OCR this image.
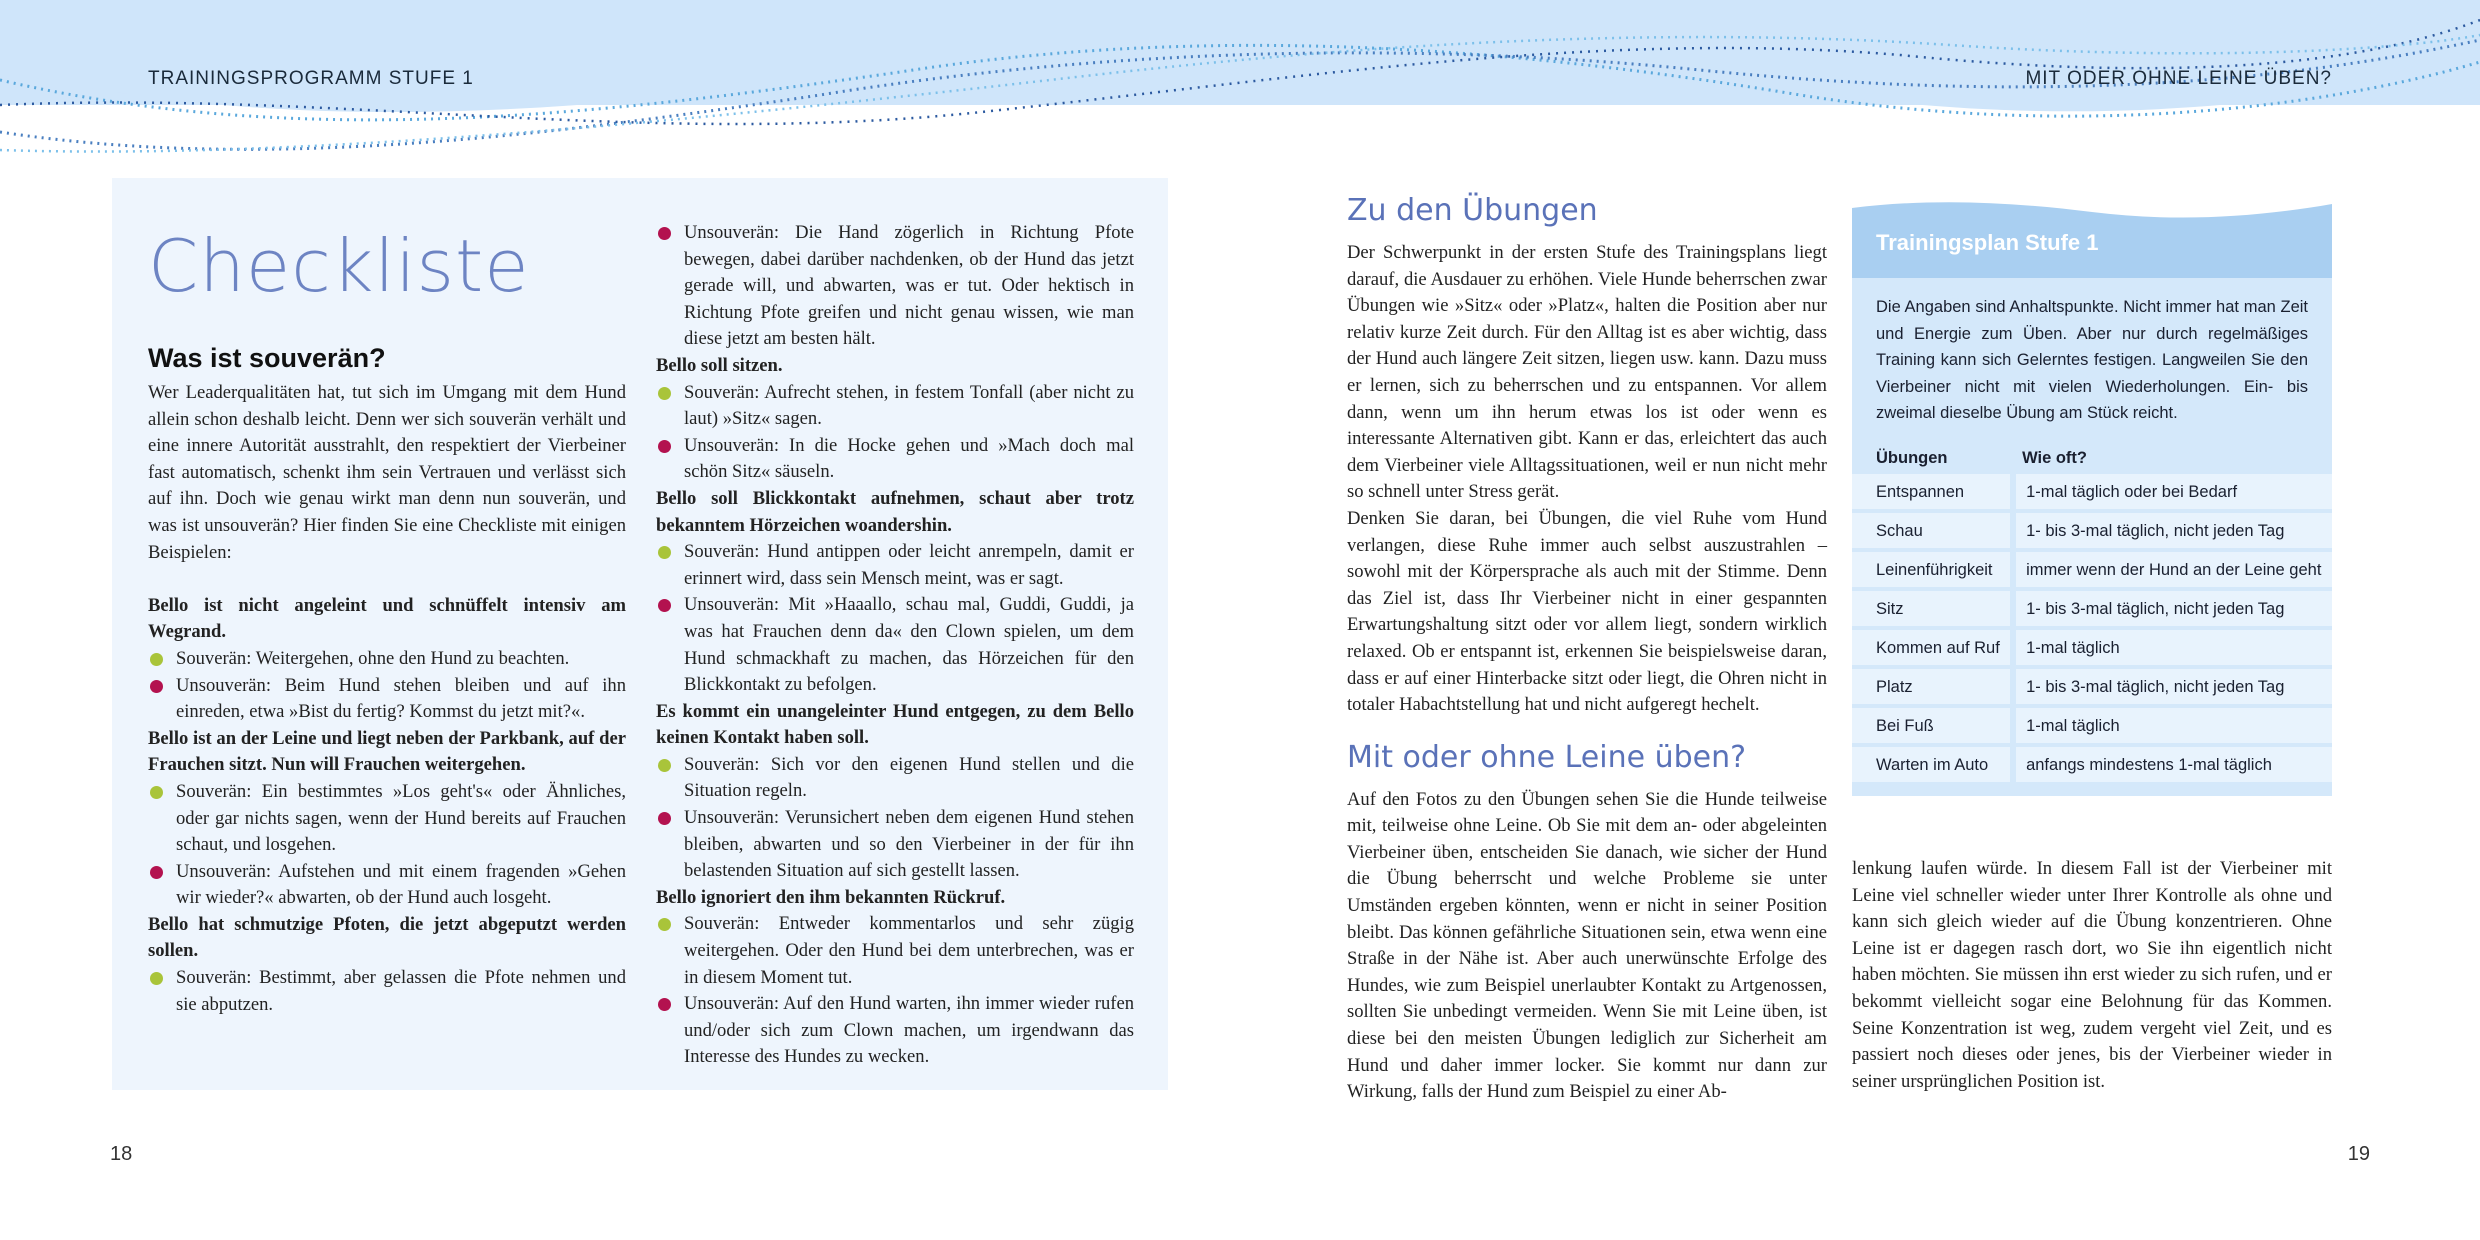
TRAININGSPROGRAMM STUFE 1	MIT ODER OHNE LEINE ÜBEN?
Checkliste
Was ist souverän?

Wer Leaderqualitäten hat, tut sich im Umgang mit dem Hund allein schon deshalb leicht. Denn wer sich souverän verhält und eine innere Autorität ausstrahlt, den respektiert der Vierbeiner fast automatisch, schenkt ihm sein Vertrauen und verlässt sich auf ihn. Doch wie genau wirkt man denn nun souverän, und was ist unsouverän? Hier finden Sie eine Checkliste mit einigen Beispielen:

Bello ist nicht angeleint und schnüffelt intensiv am Wegrand.

Souverän: Weitergehen, ohne den Hund zu beachten.
Unsouverän: Beim Hund stehen bleiben und auf ihn einreden, etwa »Bist du fertig? Kommst du jetzt mit?«.

Bello ist an der Leine und liegt neben der Parkbank, auf der Frauchen sitzt. Nun will Frauchen weitergehen.

Souverän: Ein bestimmtes »Los geht's« oder Ähnliches, oder gar nichts sagen, wenn der Hund bereits auf Frauchen schaut, und losgehen.
Unsouverän: Aufstehen und mit einem fragenden »Gehen wir wieder?« abwarten, ob der Hund auch losgeht.

Bello hat schmutzige Pfoten, die jetzt abgeputzt werden sollen.

Souverän: Bestimmt, aber gelassen die Pfote nehmen und sie abputzen.
Unsouverän: Die Hand zögerlich in Richtung Pfote bewegen, dabei darüber nachdenken, ob der Hund das jetzt gerade will, und abwarten, was er tut. Oder hektisch in Richtung Pfote greifen und nicht genau wissen, wie man diese jetzt am besten hält.

Bello soll sitzen.

Souverän: Aufrecht stehen, in festem Tonfall (aber nicht zu laut) »Sitz« sagen.
Unsouverän: In die Hocke gehen und »Mach doch mal schön Sitz« säuseln.

Bello soll Blickkontakt aufnehmen, schaut aber trotz bekanntem Hörzeichen woandershin.

Souverän: Hund antippen oder leicht anrempeln, damit er erinnert wird, dass sein Mensch meint, was er sagt.
Unsouverän: Mit »Haaallo, schau mal, Guddi, Guddi, ja was hat Frauchen denn da« den Clown spielen, um dem Hund schmackhaft zu machen, das Hörzeichen für den Blickkontakt zu befolgen.

Es kommt ein unangeleinter Hund entgegen, zu dem Bello keinen Kontakt haben soll.

Souverän: Sich vor den eigenen Hund stellen und die Situation regeln.
Unsouverän: Verunsichert neben dem eigenen Hund stehen bleiben, abwarten und so den Vierbeiner in der für ihn belastenden Situation auf sich gestellt lassen.

Bello ignoriert den ihm bekannten Rückruf.

Souverän: Entweder kommentarlos und sehr zügig weitergehen. Oder den Hund bei dem unterbrechen, was er in diesem Moment tut.
Unsouverän: Auf den Hund warten, ihn immer wieder rufen und/oder sich zum Clown machen, um irgendwann das Interesse des Hundes zu wecken.
Zu den Übungen

Der Schwerpunkt in der ersten Stufe des Trainingsplans liegt darauf, die Ausdauer zu erhöhen. Viele Hunde beherrschen zwar Übungen wie »Sitz« oder »Platz«, halten die Position aber nur relativ kurze Zeit durch. Für den Alltag ist es aber wichtig, dass der Hund auch längere Zeit sitzen, liegen usw. kann. Dazu muss er lernen, sich zu beherrschen und zu entspannen. Vor allem dann, wenn um ihn herum etwas los ist oder wenn es interessante Alternativen gibt. Kann er das, erleichtert das auch dem Vierbeiner viele Alltagssituationen, weil er nun nicht mehr so schnell unter Stress gerät.

Denken Sie daran, bei Übungen, die viel Ruhe vom Hund verlangen, diese Ruhe immer auch selbst auszustrahlen – sowohl mit der Körpersprache als auch mit der Stimme. Denn das Ziel ist, dass Ihr Vierbeiner nicht in einer gespannten Erwartungshaltung sitzt oder vor allem liegt, sondern wirklich relaxed. Ob er entspannt ist, erkennen Sie beispielsweise daran, dass er auf einer Hinterbacke sitzt oder liegt, die Ohren nicht in totaler Habachtstellung hat und nicht aufgeregt hechelt.

Mit oder ohne Leine üben?

Auf den Fotos zu den Übungen sehen Sie die Hunde teilweise mit, teilweise ohne Leine. Ob Sie mit dem an- oder abgeleinten Vierbeiner üben, entscheiden Sie danach, wie sicher der Hund die Übung beherrscht und welche Probleme sie unter Umständen ergeben könnten, wenn er nicht in seiner Position bleibt. Das können gefährliche Situationen sein, etwa wenn eine Straße in der Nähe ist. Aber auch unerwünschte Erfolge des Hundes, wie zum Beispiel unerlaubter Kontakt zu Artgenossen, sollten Sie unbedingt vermeiden. Wenn Sie mit Leine üben, ist diese bei den meisten Übungen lediglich zur Sicherheit am Hund und daher immer locker. Sie kommt nur dann zur Wirkung, falls der Hund zum Beispiel zu einer Ab-

lenkung laufen würde. In diesem Fall ist der Vierbeiner mit Leine viel schneller wieder unter Ihrer Kontrolle als ohne und kann sich gleich wieder auf die Übung konzentrieren. Ohne Leine ist er dagegen rasch dort, wo Sie ihn eigentlich nicht haben möchten. Sie müssen ihn erst wieder zu sich rufen, und er bekommt vielleicht sogar eine Belohnung für das Kommen. Seine Konzentration ist weg, zudem vergeht viel Zeit, und es passiert noch dieses oder jenes, bis der Vierbeiner wieder in seiner ursprünglichen Position ist.

Trainingsplan Stufe 1

Die Angaben sind Anhaltspunkte. Nicht immer hat man Zeit und Energie zum Üben. Aber nur durch regelmäßiges Training kann sich Gelerntes festigen. Langweilen Sie den Vierbeiner nicht mit vielen Wiederholungen. Ein- bis zweimal dieselbe Übung am Stück reicht.

Übungen	Wie oft?
Entspannen	1-mal täglich oder bei Bedarf
Schau	1- bis 3-mal täglich, nicht jeden Tag
Leinenführigkeit	immer wenn der Hund an der Leine geht
Sitz	1- bis 3-mal täglich, nicht jeden Tag
Kommen auf Ruf	1-mal täglich
Platz	1- bis 3-mal täglich, nicht jeden Tag
Bei Fuß	1-mal täglich
Warten im Auto	anfangs mindestens 1-mal täglich
18	19
